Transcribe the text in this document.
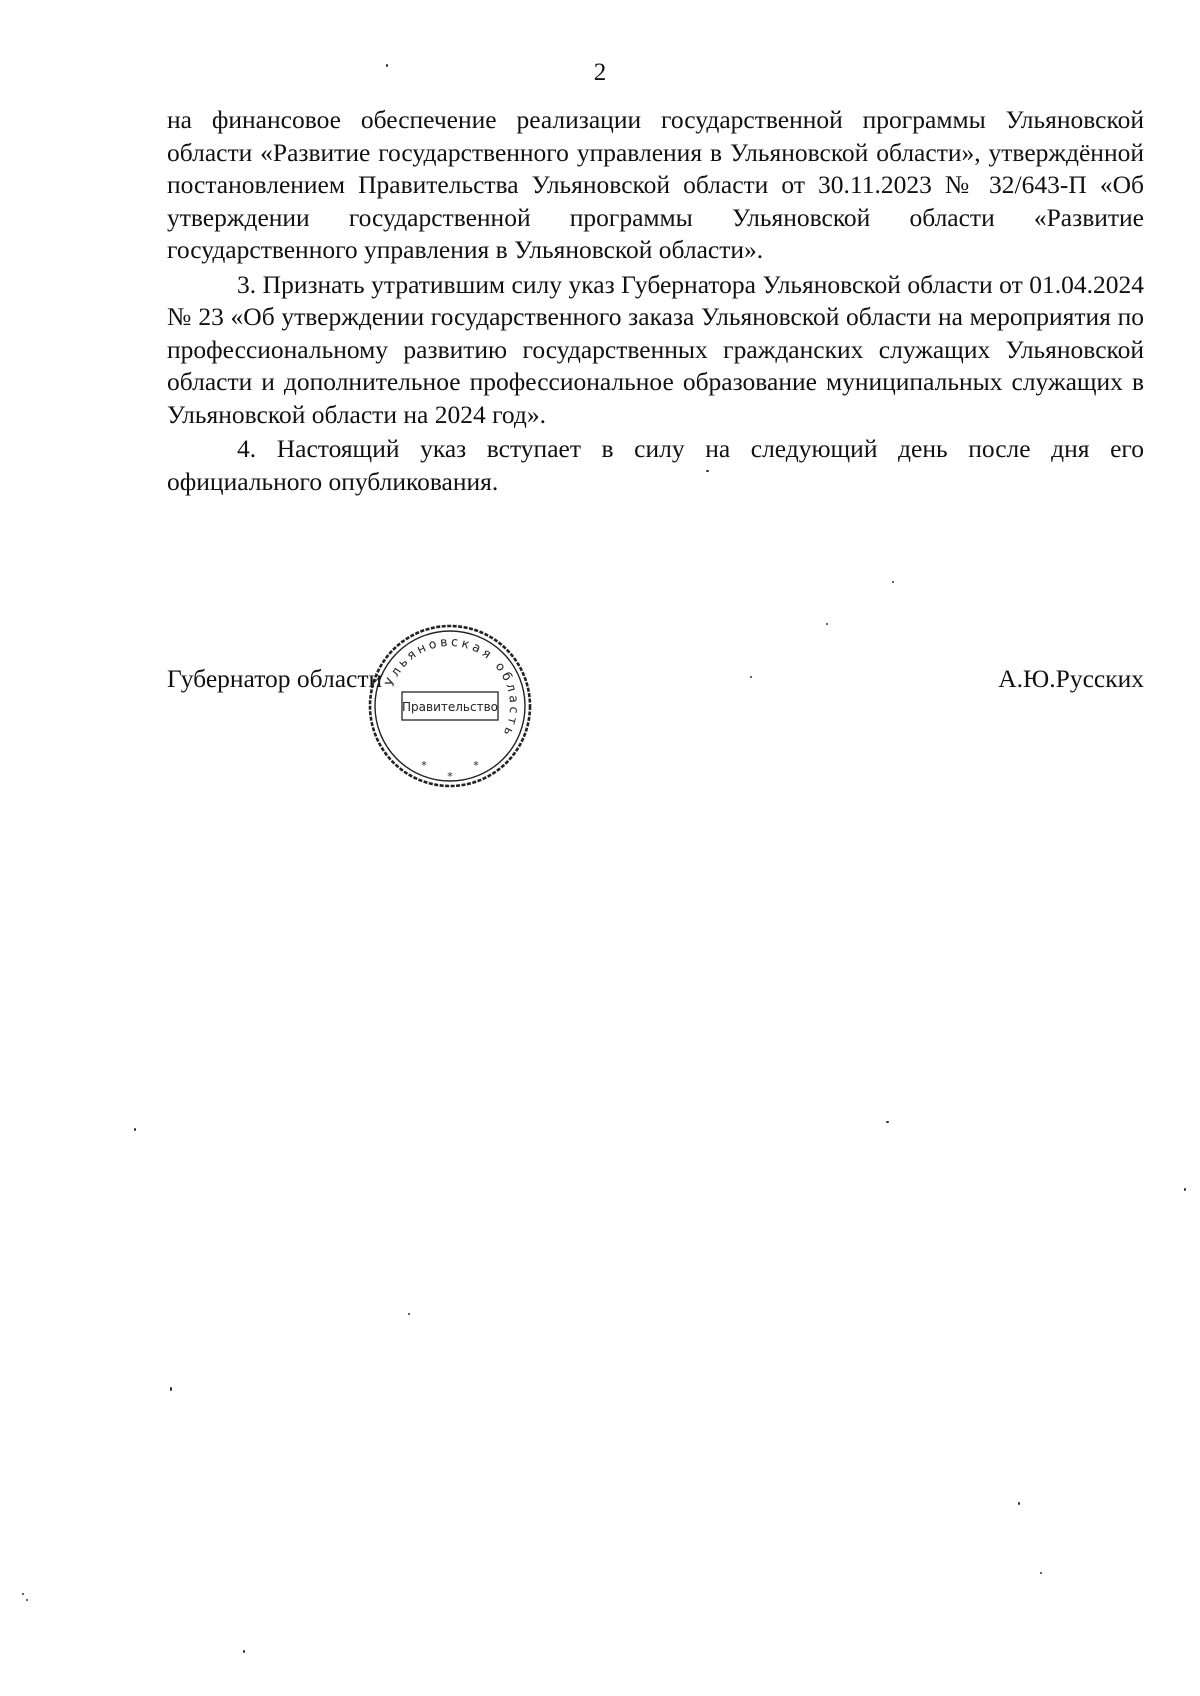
2

на финансовое обеспечение реализации государственной программы Ульяновской области «Развитие государственного управления в Ульяновской области», утверждённой постановлением Правительства Ульяновской области от 30.11.2023 № 32/643-П «Об утверждении государственной программы Ульяновской области «Развитие государственного управления в Ульяновской области».

3. Признать утратившим силу указ Губернатора Ульяновской области от 01.04.2024 № 23 «Об утверждении государственного заказа Ульяновской области на мероприятия по профессиональному развитию государственных гражданских служащих Ульяновской области и дополнительное профессиональное образование муниципальных служащих в Ульяновской области на 2024 год».

4. Настоящий указ вступает в силу на следующий день после дня его официального опубликования.

Губернатор области Ульяновская область
Правительство
*	*
*
А.Ю.Русских
